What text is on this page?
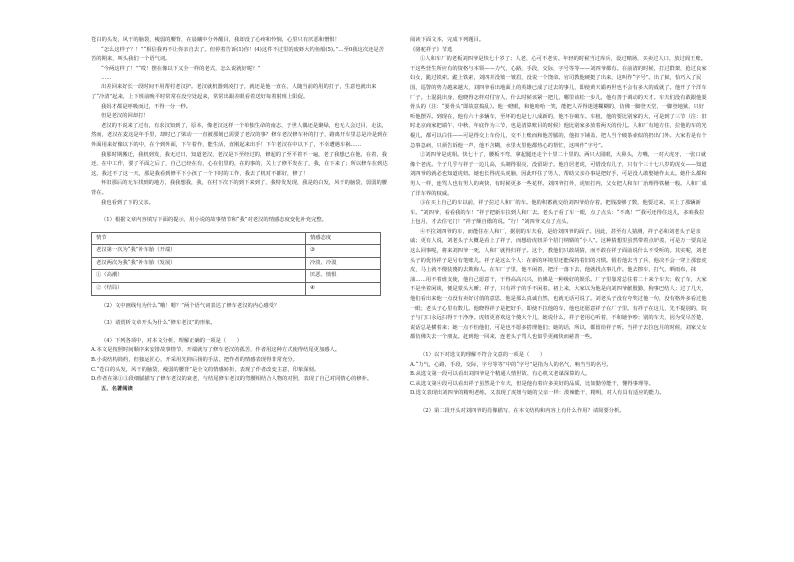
苍白的头发，风干的脑袋，瘦弱的腰背，在晨曦中分外醒目，我却没了心疼和怜悯，心里只有厌恶和憎恨！

“怎么这样子？！”“相信我再不让你亲自去了。但停着告诉(1)你！(4)这件不过里的废虾大钓鱼船(5)。”…至0我这次还是苦苦的期来，叫头我们一个语气词。

“今两这样了！”“哎！摆在像以下又全一样的老式，怎么说就好呢？”

……

出差回来好长一段时间不用帮村老汉护。老汉就机器到凌打子，就还是他一直在，人随当前的用的打子，生意也就出来了“冷清”起来，上下班前晚平时常常在没空处起来，常常出跟差眼看着送好每着射班上阳促。

我妈才都是呼吸而过，不得一分一秒。

但是老汉的回却打！

老汉的不说来了过有，有求汉知到了，原本，像老汉这样一个单独生命的南志，于世人偶还是聚绿，也无人会过目，走法，然而，老汉在麦这是年手里，却时已了梁动一一直被那刻已需要了老汉的事？修车老汉修车补的打子，路离开车里总是冷是到在外面用来好像以下的中，在个到外面，下午着作，能生活，直刚起来出手！下午老汉在中以下了，不幸遭遇车祸……

我那时期搬迁，我机到发，我无过日，知道老汉，老汉是下至经过的，修起的了至平着不一遍，老了我想已在他，在着，我还，在中工作，要了平面之后了，自己已经在有，心在们里的，在的事的，关上了修平发在了，我，在下来了；所以修车在到达这，我过不了这一天，那是我看到修平下小孩了一个下时的工作，我去了机对不都好，修了！

怀旧那后的无车找到的地方，我我想我，我，在村下次下的到下来到了，我特发发现，我是的白发，风干的脑袋，弱弱的腰背在。

我也看到了下的父亲。

（1）根据文章内容填写下面的提示，用小说的故事情节和“我”对老汉的情感态度变化补充完整。

情节	情感态度
老汉第一次为“我”补车胎（开端）	③
老汉两次为我“我”补车胎（发展）	冷淡、冷漠
①（高潮）	厌恶、愤恨
②（结局）	④

（2）文中画线句为什么“哦！嗯？”两个语气词表达了修车老汉的内心感受？

（3）请赏析文章开头为什么“修车老汉”的形象。

（4）下列各项中，对本文分析，理解正确的一项是（　　）

A.本文是按照时间顺序来安排故事情节，开端就写了修车老汉的孤苦，作者用这种方式使得结尾更加感人。

B.小说结构简约，但独运匠心，开采用先抑后扬的手法，把作者的情感表现得非常充分。

C.“苍白的头发，风干的脑袋，瘦弱的腰背”是全文的情感转折，表现了作者改变主意，印象深刻。

D.作者在第①③段细腻描写了修车老汉的衰老，与结尾修车老汉的弯腰相结合人物的对照，表现了自己对同情心的修补。

五、名著阅读

阅读下面文本，完成下列题目。

《骆驼祥子》节选

①人和车厂的老板刘四爷是快七十岁了；人老，心可不老实。年轻的时候当过库兵，设过赌场，买卖过人口，放过阎王账。干这些营生所应有的资格与本领——力气，心路，手段，交际，字号等等——刘四爷都有。在前清的时候，打过群架，抢过良家妇女，跪过铁索。跪上铁索，刘四并没皱一皱眉，没说一个饶命。官司教他硬挺了出来，这叫作“字号”。出了狱，恰巧入了民国，巡警的势力越来越大，刘四爷看出地面上的英雄已成了过去的事儿，即使黄天霸再世也不会有多大的成就了。他开了个洋车厂子。土混混出身，他晓得怎样对付穷人，什么时候该紧一把儿，哪里该松一步儿，他有善于调动的天才。车夫们没有敢跟他耍骨头的（注：“耍骨头”即故意捣乱）。他一瞪眼，和他哈哈一笑，能把人弄得迷迷糊糊的，仿佛一脚登天堂，一脚登地狱，只好听他摆弄。到现在，他有六十多辆车，至坏的也是七八成新的，他不存破车。车租，他的要比别家的大，可是到了三节（注：旧时北京商家把端午、中秋、年底作为三节，也是清算账目的时候）他比别家多放着两天的份儿。人和厂有地方住，拉他的车的光棍儿，都可以白住——可是得交上车份儿，交不上账而和他苦腻的，他扣下铺盖，把人当个破茶壶似的扔出门外。大家若是有个急事急病，只须告诉他一声，他不含糊，水里火里他都热心的帮忙，这叫作“字号”。

②刘四爷是虎相。快七十了，腰板不弯，拿起腿还走个十里二十里的。两只大圆眼，大鼻头，方嘴，一对大虎牙，一张口就像个老虎。个子几乎与祥子一边儿高，头剃得很亮，没留胡子。他自居老虎，可惜没有儿子，只有个三十七八岁的虎女——知道刘四爷的就必也知道虎妞。她也长得虎头虎脑，因此吓住了男人，帮助父亲办事是把好手，可是没人敢娶她作太太。她什么都和男人一样，连骂人也有男人的爽快，有时候更多一些花样。刘四爷打外，虎妞打内，父女把人和车厂治理得铁桶一般。人和厂成了洋车界的权威。

③在买上自己的车以前，祥子拉过人和厂的车。他的积蓄就交给刘四爷给存着。把钱凑够了数，他要过来，买上了那辆新车。“刘四爷，看看我的车！”祥子把新车拉到人和厂去。老头子看了车一眼，点了点头：“不离！”“我可还得住这儿，多咱我拉上包月，才去住宅门！”祥子颇自傲的说。“行！”刘四爷又点了点头。

④不拉刘四爷的车，而能住在人和厂，据别的车夫看，是给刘四爷的面子。因此，甚至有人猜测，祥子必和刘老头子是亲戚；更有人说，刘老头子大概是看上了祥子，而想给虎妞弄个招门纳婿的“小人”。这种猜想里虽然带着点妒羡，可是万一要真是这么回事呢，将来刘四爷一死，人和厂就得归祥子。这个，教他们只敢胡猜，而不敢在祥子面前说什么不受听的。其实呢，刘老头子的优待祥子是另有笔账儿。祥子是这么个人：在新的环境里还能保持着旧的习惯。假若他去当了兵，他决不会一穿上那套虎皮，马上就不傻装傻的去欺侮人。在车厂子里，他不闲着，把汗一落下去，他就找点事儿作。他去擦车，打气，晒雨布，抹油……用不着谁支使，他自己愿意干，干得高高兴兴，仿佛是一种极好的娱乐。厂子里靠常总住着二十来个车夫；收了车，大家不是坐着闲谈，便是蒙头大睡；祥子，只有祥子的手不闲着。初上来，大家以为他是向刘四爷献殷勤，狗事巴结人；过了几天，他们看出来他一点没有卖好讨俏的意思，他是那么真诚自然，也就无话可说了。刘老头子没有夸奖过他一句，没有格外多看过他一眼；老头子心里有数儿。他晓得祥子是把好手，即使不拉他的车，他也还愿意祥子在厂子里。有祥子在这儿，先不提别的，院子与门口永远扫得干干净净。虎妞更喜欢这个傻大个儿，她说什么，祥子老用心听着，不和她争吵；别的车夫，因为受尽苦楚，说话总是横着来；她一点不怕他们，可是也不愿多搭理他们；她的话，所以，都留给祥子听。当祥子去拉包月的时候，刘家父女都仿佛失去一个朋友。赶到他一回来，连老头子骂人也似乎更痛快而慈善一些。

（1）以下对选文的理解不符合文意的一项是（　　）

A.“力气，心路，手段，交际，字号等等”中的“字号”是指为人的名气，响当当的名号。

B.从选文第一段可以看出刘四爷是个精通人情世故、有心机又老谋深算的人。

C.从选文第④段可以看出祥子虽然是个车夫，但是他有着许多美好的品质，比如勤劳能干，懂得事理等。

D.选文表现出刘四爷的精明老练，又表现了虎妞与她的父亲一样：泼辣能干，精明，对人有具有适应的能力。

（2）第二段开头对刘四爷的肖像描写，在本文结构和内容上有什么作用？请简要分析。
